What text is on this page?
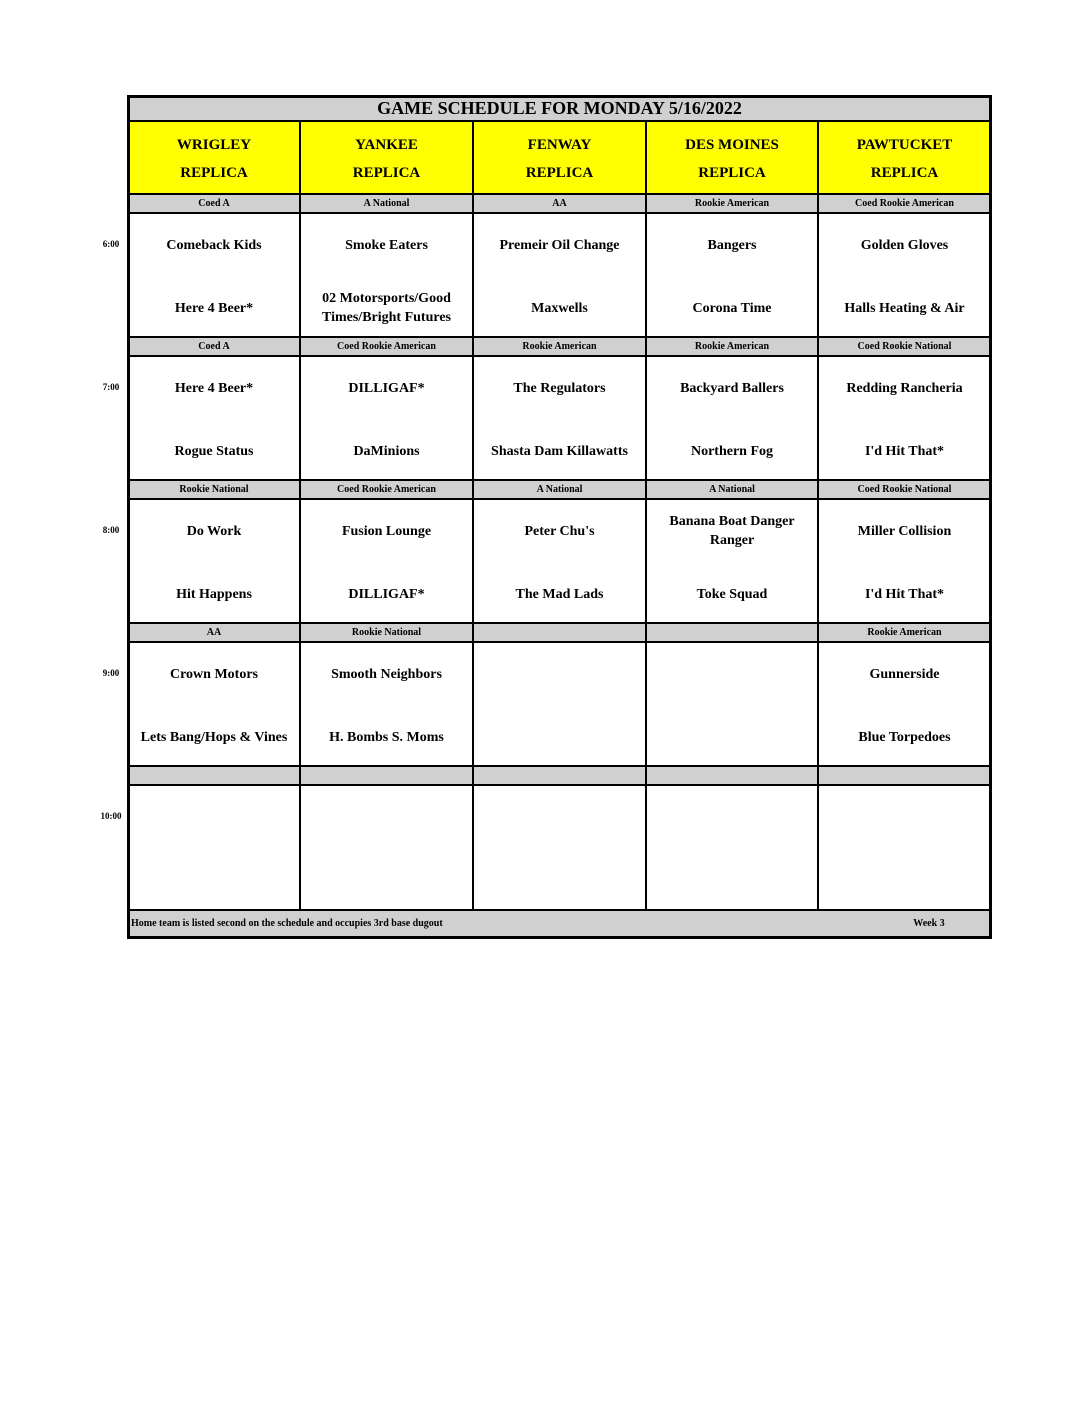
GAME SCHEDULE FOR MONDAY 5/16/2022
WRIGLEY
REPLICA
YANKEE
REPLICA
FENWAY
REPLICA
DES MOINES
REPLICA
PAWTUCKET
REPLICA
6:00
Coed A
Comeback Kids
Here 4 Beer*
A National
Smoke Eaters
02 Motorsports/Good Times/Bright Futures
AA
Premeir Oil Change
Maxwells
Rookie American
Bangers
Corona Time
Coed Rookie American
Golden Gloves
Halls Heating & Air
7:00
Coed A
Here 4 Beer*
Rogue Status
Coed Rookie American
DILLIGAF*
DaMinions
Rookie American
The Regulators
Shasta Dam Killawatts
Rookie American
Backyard Ballers
Northern Fog
Coed Rookie National
Redding Rancheria
I'd Hit That*
8:00
Rookie National
Do Work
Hit Happens
Coed Rookie American
Fusion Lounge
DILLIGAF*
A National
Peter Chu's
The Mad Lads
A National
Banana Boat Danger Ranger
Toke Squad
Coed Rookie National
Miller Collision
I'd Hit That*
9:00
AA
Crown Motors
Lets Bang/Hops & Vines
Rookie National
Smooth Neighbors
H. Bombs S. Moms
Rookie American
Gunnerside
Blue Torpedoes
10:00
Home team is listed second on the schedule and occupies 3rd base dugout	Week 3
